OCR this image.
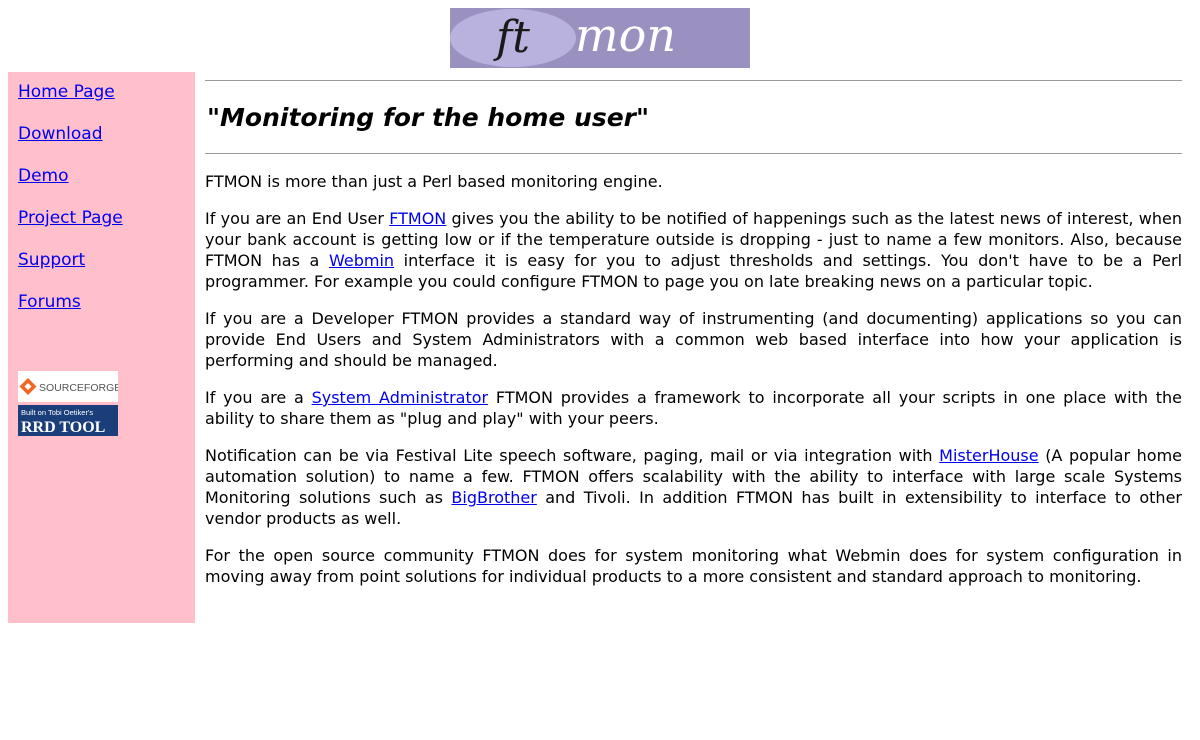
ft mon
Home Page
Download
Demo
Project Page
Support
Forums
SOURCEFORGE
Built on Tobi Oetiker's
RRD TOOL
"Monitoring for the home user"

FTMON is more than just a Perl based monitoring engine.

If you are an End User FTMON gives you the ability to be notified of happenings such as the latest news of interest, when your bank account is getting low or if the temperature outside is dropping - just to name a few monitors. Also, because FTMON has a Webmin interface it is easy for you to adjust thresholds and settings. You don't have to be a Perl programmer. For example you could configure FTMON to page you on late breaking news on a particular topic.

If you are a Developer FTMON provides a standard way of instrumenting (and documenting) applications so you can provide End Users and System Administrators with a common web based interface into how your application is performing and should be managed.

If you are a System Administrator FTMON provides a framework to incorporate all your scripts in one place with the ability to share them as "plug and play" with your peers.

Notification can be via Festival Lite speech software, paging, mail or via integration with MisterHouse (A popular home automation solution) to name a few. FTMON offers scalability with the ability to interface with large scale Systems Monitoring solutions such as BigBrother and Tivoli. In addition FTMON has built in extensibility to interface to other vendor products as well.

For the open source community FTMON does for system monitoring what Webmin does for system configuration in moving away from point solutions for individual products to a more consistent and standard approach to monitoring.
